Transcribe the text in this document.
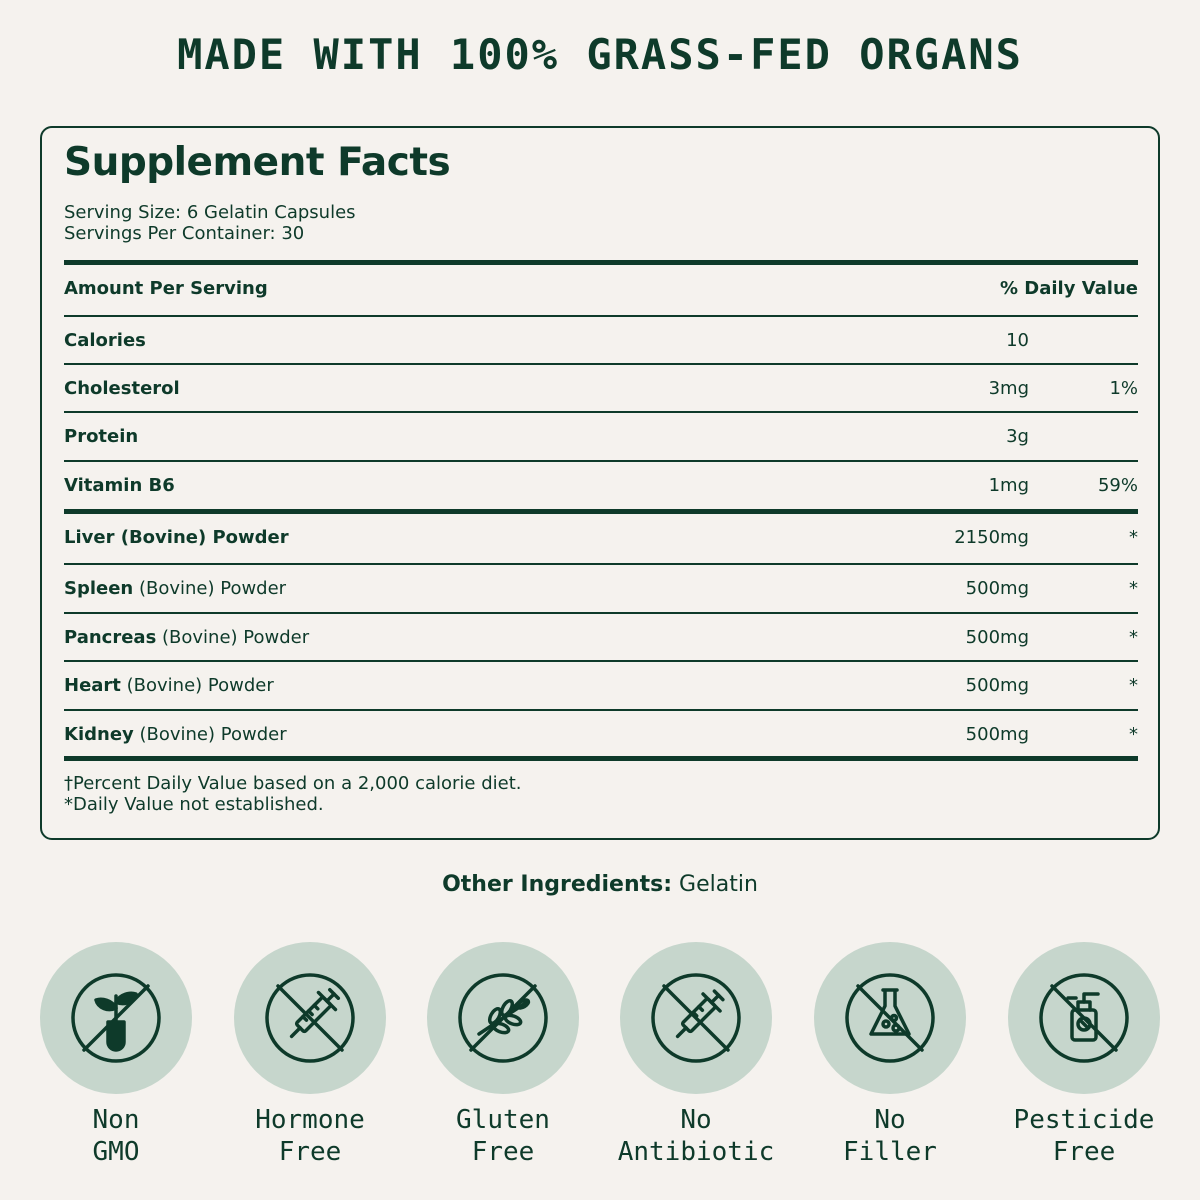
MADE WITH 100% GRASS-FED ORGANS
Supplement Facts
Serving Size: 6 Gelatin Capsules
Servings Per Container: 30
Amount Per Serving	% Daily Value
Calories	10
Cholesterol	3mg	1%
Protein	3g
Vitamin B6	1mg	59%
Liver (Bovine) Powder	2150mg	*
Spleen (Bovine) Powder	500mg	*
Pancreas (Bovine) Powder	500mg	*
Heart (Bovine) Powder	500mg	*
Kidney (Bovine) Powder	500mg	*
†Percent Daily Value based on a 2,000 calorie diet.
*Daily Value not established.
Other Ingredients: Gelatin
Non
GMO
Hormone
Free
Gluten
Free
No
Antibiotic
No
Filler
Pesticide
Free
